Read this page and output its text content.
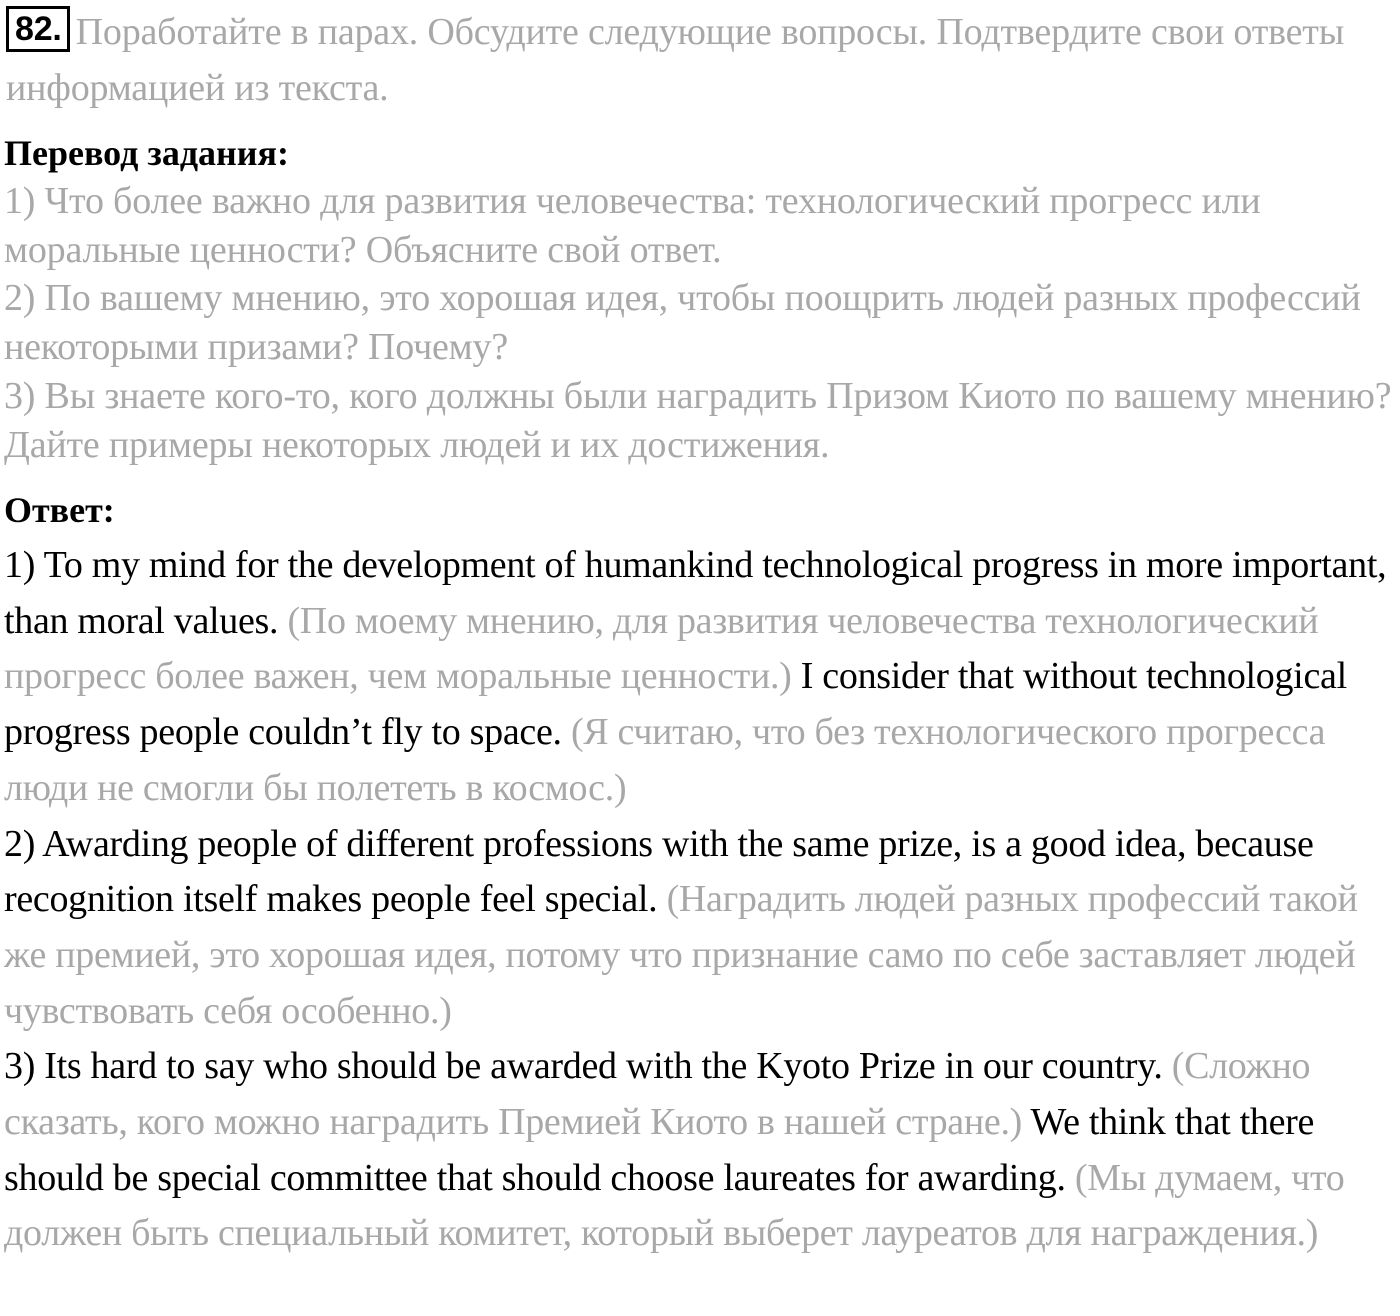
82. Поработайте в парах. Обсудите следующие вопросы. Подтвердите свои ответы информацией из текста.
Перевод задания:

1) Что более важно для развития человечества: технологический прогресс или моральные ценности? Объясните свой ответ.

2) По вашему мнению, это хорошая идея, чтобы поощрить людей разных профессий некоторыми призами? Почему?

3) Вы знаете кого-то, кого должны были наградить Призом Киото по вашему мнению? Дайте примеры некоторых людей и их достижения.

Ответ:

1) To my mind for the development of humankind technological progress in more important, than moral values. (По моему мнению, для развития человечества технологический прогресс более важен, чем моральные ценности.) I consider that without technological progress people couldn’t fly to space. (Я считаю, что без технологического прогресса люди не смогли бы полететь в космос.)

2) Awarding people of different professions with the same prize, is a good idea, because recognition itself makes people feel special. (Наградить людей разных профессий такой же премией, это хорошая идея, потому что признание само по себе заставляет людей чувствовать себя особенно.)

3) Its hard to say who should be awarded with the Kyoto Prize in our country. (Сложно сказать, кого можно наградить Премией Киото в нашей стране.) We think that there should be special committee that should choose laureates for awarding. (Мы думаем, что должен быть специальный комитет, который выберет лауреатов для награждения.)
